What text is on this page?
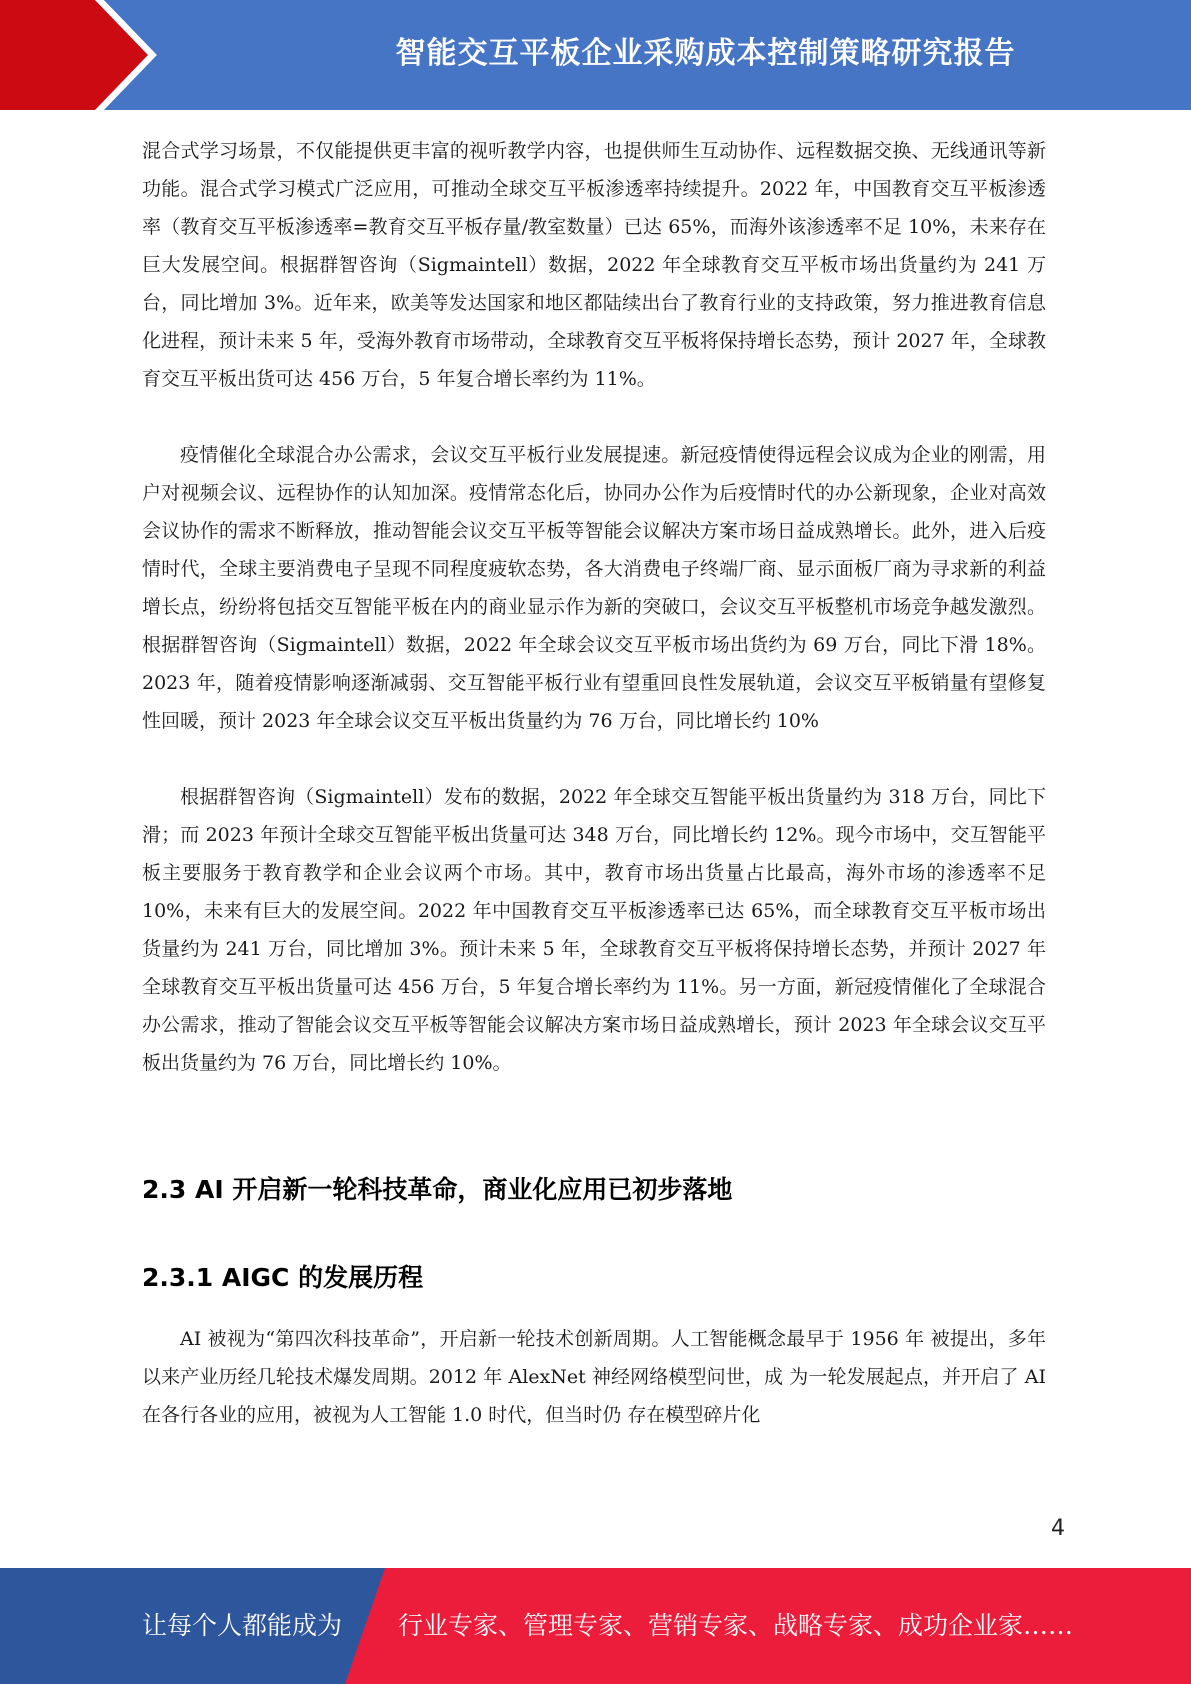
智能交互平板企业采购成本控制策略研究报告

混合式学习场景，不仅能提供更丰富的视听教学内容，也提供师生互动协作、远程数据交换、无线通讯等新功能。混合式学习模式广泛应用，可推动全球交互平板渗透率持续提升。2022 年，中国教育交互平板渗透率（教育交互平板渗透率=教育交互平板存量/教室数量）已达 65%，而海外该渗透率不足 10%，未来存在巨大发展空间。根据群智咨询（Sigmaintell）数据，2022 年全球教育交互平板市场出货量约为 241 万台，同比增加 3%。近年来，欧美等发达国家和地区都陆续出台了教育行业的支持政策，努力推进教育信息化进程，预计未来 5 年，受海外教育市场带动，全球教育交互平板将保持增长态势，预计 2027 年，全球教育交互平板出货可达 456 万台，5 年复合增长率约为 11%。

疫情催化全球混合办公需求，会议交互平板行业发展提速。新冠疫情使得远程会议成为企业的刚需，用户对视频会议、远程协作的认知加深。疫情常态化后，协同办公作为后疫情时代的办公新现象，企业对高效会议协作的需求不断释放，推动智能会议交互平板等智能会议解决方案市场日益成熟增长。此外，进入后疫情时代，全球主要消费电子呈现不同程度疲软态势，各大消费电子终端厂商、显示面板厂商为寻求新的利益增长点，纷纷将包括交互智能平板在内的商业显示作为新的突破口，会议交互平板整机市场竞争越发激烈。根据群智咨询（Sigmaintell）数据，2022 年全球会议交互平板市场出货约为 69 万台，同比下滑 18%。2023 年，随着疫情影响逐渐减弱、交互智能平板行业有望重回良性发展轨道，会议交互平板销量有望修复性回暖，预计 2023 年全球会议交互平板出货量约为 76 万台，同比增长约 10%

根据群智咨询（Sigmaintell）发布的数据，2022 年全球交互智能平板出货量约为 318 万台，同比下滑；而 2023 年预计全球交互智能平板出货量可达 348 万台，同比增长约 12%。现今市场中，交互智能平板主要服务于教育教学和企业会议两个市场。其中，教育市场出货量占比最高，海外市场的渗透率不足 10%，未来有巨大的发展空间。2022 年中国教育交互平板渗透率已达 65%，而全球教育交互平板市场出货量约为 241 万台，同比增加 3%。预计未来 5 年，全球教育交互平板将保持增长态势，并预计 2027 年全球教育交互平板出货量可达 456 万台，5 年复合增长率约为 11%。另一方面，新冠疫情催化了全球混合办公需求，推动了智能会议交互平板等智能会议解决方案市场日益成熟增长，预计 2023 年全球会议交互平板出货量约为 76 万台，同比增长约 10%。

2.3 AI 开启新一轮科技革命，商业化应用已初步落地
2.3.1 AIGC 的发展历程

AI 被视为“第四次科技革命”，开启新一轮技术创新周期。人工智能概念最早于 1956 年 被提出，多年以来产业历经几轮技术爆发周期。2012 年 AlexNet 神经网络模型问世，成 为一轮发展起点，并开启了 AI 在各行各业的应用，被视为人工智能 1.0 时代，但当时仍 存在模型碎片化

4
让每个人都能成为 行业专家、管理专家、营销专家、战略专家、成功企业家……
